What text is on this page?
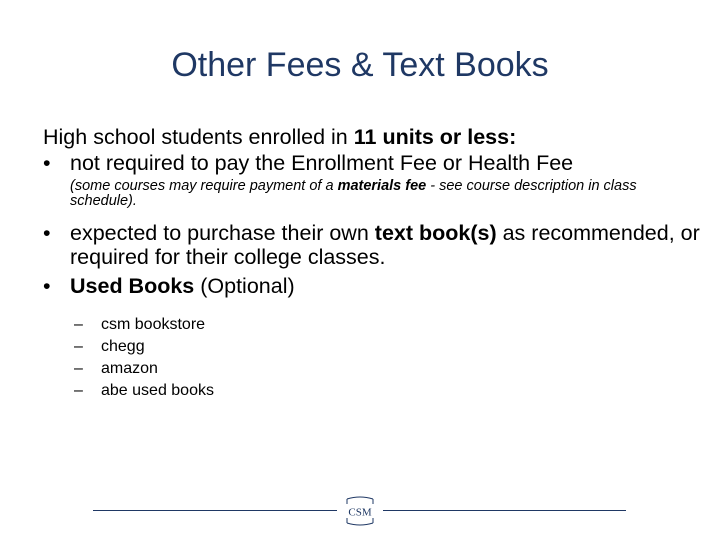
Other Fees & Text Books

High school students enrolled in 11 units or less:

• not required to pay the Enrollment Fee or Health Fee

(some courses may require payment of a materials fee - see course description in class schedule).

• expected to purchase their own text book(s) as recommended, or required for their college classes.

• Used Books (Optional)

– csm bookstore
– chegg
– amazon
– abe used books
CSM
